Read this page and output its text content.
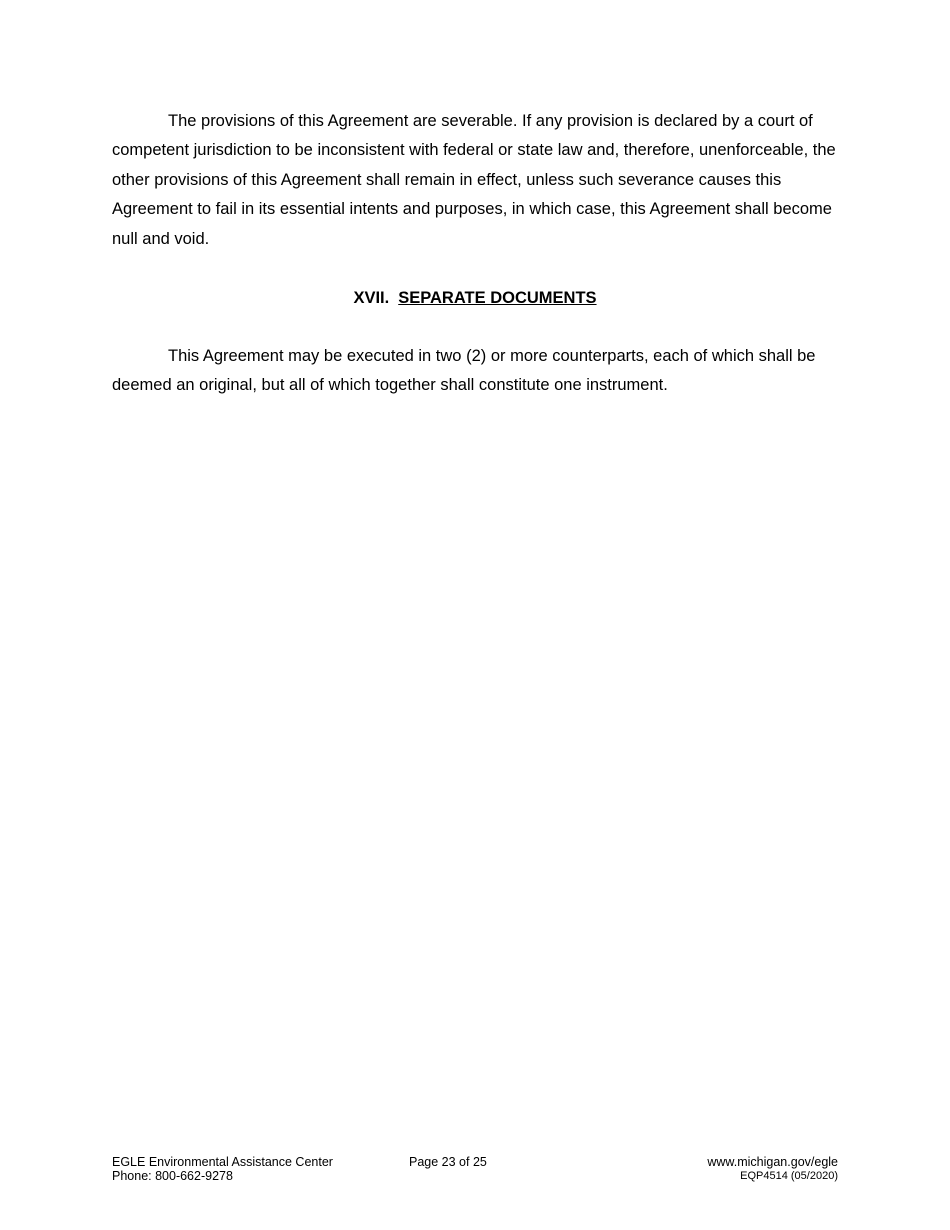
The provisions of this Agreement are severable. If any provision is declared by a court of competent jurisdiction to be inconsistent with federal or state law and, therefore, unenforceable, the other provisions of this Agreement shall remain in effect, unless such severance causes this Agreement to fail in its essential intents and purposes, in which case, this Agreement shall become null and void.

XVII. SEPARATE DOCUMENTS

This Agreement may be executed in two (2) or more counterparts, each of which shall be deemed an original, but all of which together shall constitute one instrument.

EGLE Environmental Assistance Center
Phone: 800-662-9278
Page 23 of 25	www.michigan.gov/egle
EQP4514 (05/2020)
